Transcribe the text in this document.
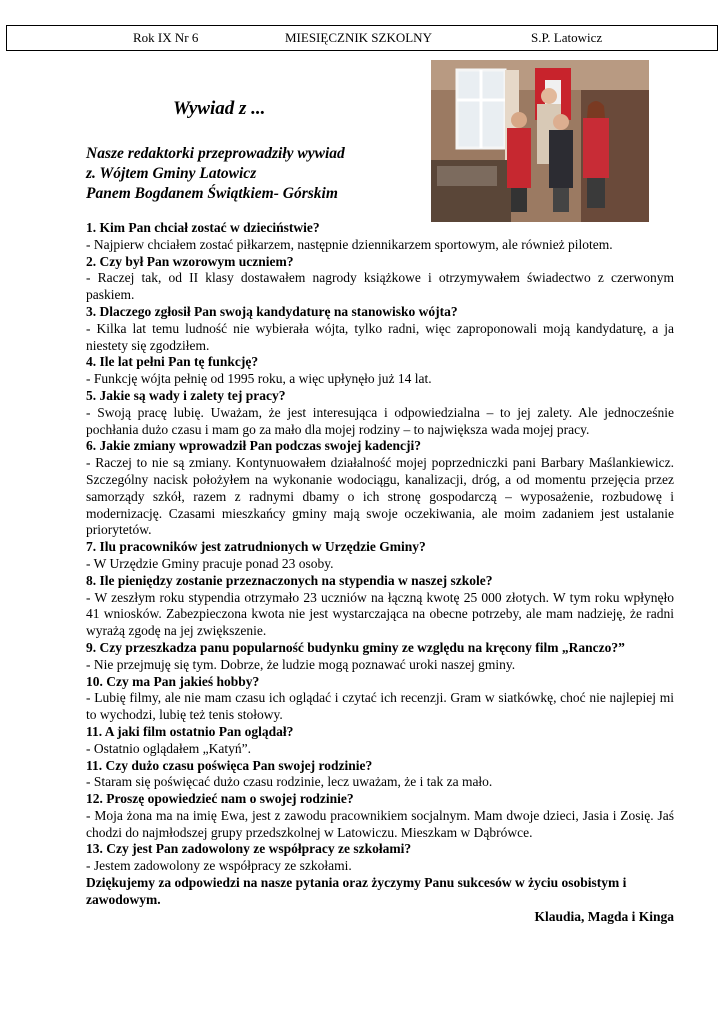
Rok IX Nr 6	MIESIĘCZNIK SZKOLNY	S.P. Latowicz
Wywiad z ...
Nasze redaktorki przeprowadziły wywiad
z. Wójtem Gminy Latowicz
Panem Bogdanem Świątkiem- Górskim

1. Kim Pan chciał zostać w dzieciństwie?

- Najpierw chciałem zostać piłkarzem, następnie dziennikarzem sportowym, ale również pilotem.

2. Czy był Pan wzorowym uczniem?

- Raczej tak, od II klasy dostawałem nagrody książkowe i otrzymywałem świadectwo z czerwonym paskiem.

3. Dlaczego zgłosił Pan swoją kandydaturę na stanowisko wójta?

- Kilka lat temu ludność nie wybierała wójta, tylko radni, więc zaproponowali moją kandydaturę, a ja niestety się zgodziłem.

4. Ile lat pełni Pan tę funkcję?

- Funkcję wójta pełnię od 1995 roku, a więc upłynęło już 14 lat.

5. Jakie są wady i zalety tej pracy?

- Swoją pracę lubię. Uważam, że jest interesująca i odpowiedzialna – to jej zalety. Ale jednocześnie pochłania dużo czasu i mam go za mało dla mojej rodziny – to największa wada mojej pracy.

6. Jakie zmiany wprowadził Pan podczas swojej kadencji?

- Raczej to nie są zmiany. Kontynuowałem działalność mojej poprzedniczki pani Barbary Maślankiewicz. Szczególny nacisk położyłem na wykonanie wodociągu, kanalizacji, dróg, a od momentu przejęcia przez samorządy szkół, razem z radnymi dbamy o ich stronę gospodarczą – wyposażenie, rozbudowę i modernizację. Czasami mieszkańcy gminy mają swoje oczekiwania, ale moim zadaniem jest ustalanie priorytetów.

7. Ilu pracowników jest zatrudnionych w Urzędzie Gminy?

- W Urzędzie Gminy pracuje ponad 23 osoby.

8. Ile pieniędzy zostanie przeznaczonych na stypendia w naszej szkole?

- W zeszłym roku stypendia otrzymało 23 uczniów na łączną kwotę 25 000 złotych. W tym roku wpłynęło 41 wniosków. Zabezpieczona kwota nie jest wystarczająca na obecne potrzeby, ale mam nadzieję, że radni wyrażą zgodę na jej zwiększenie.

9. Czy przeszkadza panu popularność budynku gminy ze względu na kręcony film „Ranczo?”

- Nie przejmuję się tym. Dobrze, że ludzie mogą poznawać uroki naszej gminy.

10. Czy ma Pan jakieś hobby?

- Lubię filmy, ale nie mam czasu ich oglądać i czytać ich recenzji. Gram w siatkówkę, choć nie najlepiej mi to wychodzi, lubię też tenis stołowy.

11. A jaki film ostatnio Pan oglądał?

- Ostatnio oglądałem „Katyń”.

11. Czy dużo czasu poświęca Pan swojej rodzinie?

- Staram się poświęcać dużo czasu rodzinie, lecz uważam, że i tak za mało.

12. Proszę opowiedzieć nam o swojej rodzinie?

- Moja żona ma na imię Ewa, jest z zawodu pracownikiem socjalnym. Mam dwoje dzieci, Jasia i Zosię. Jaś chodzi do najmłodszej grupy przedszkolnej w Latowiczu. Mieszkam w Dąbrówce.

13. Czy jest Pan zadowolony ze współpracy ze szkołami?

- Jestem zadowolony ze współpracy ze szkołami.

Dziękujemy za odpowiedzi na nasze pytania oraz życzymy Panu sukcesów w życiu osobistym i zawodowym.

Klaudia, Magda i Kinga
